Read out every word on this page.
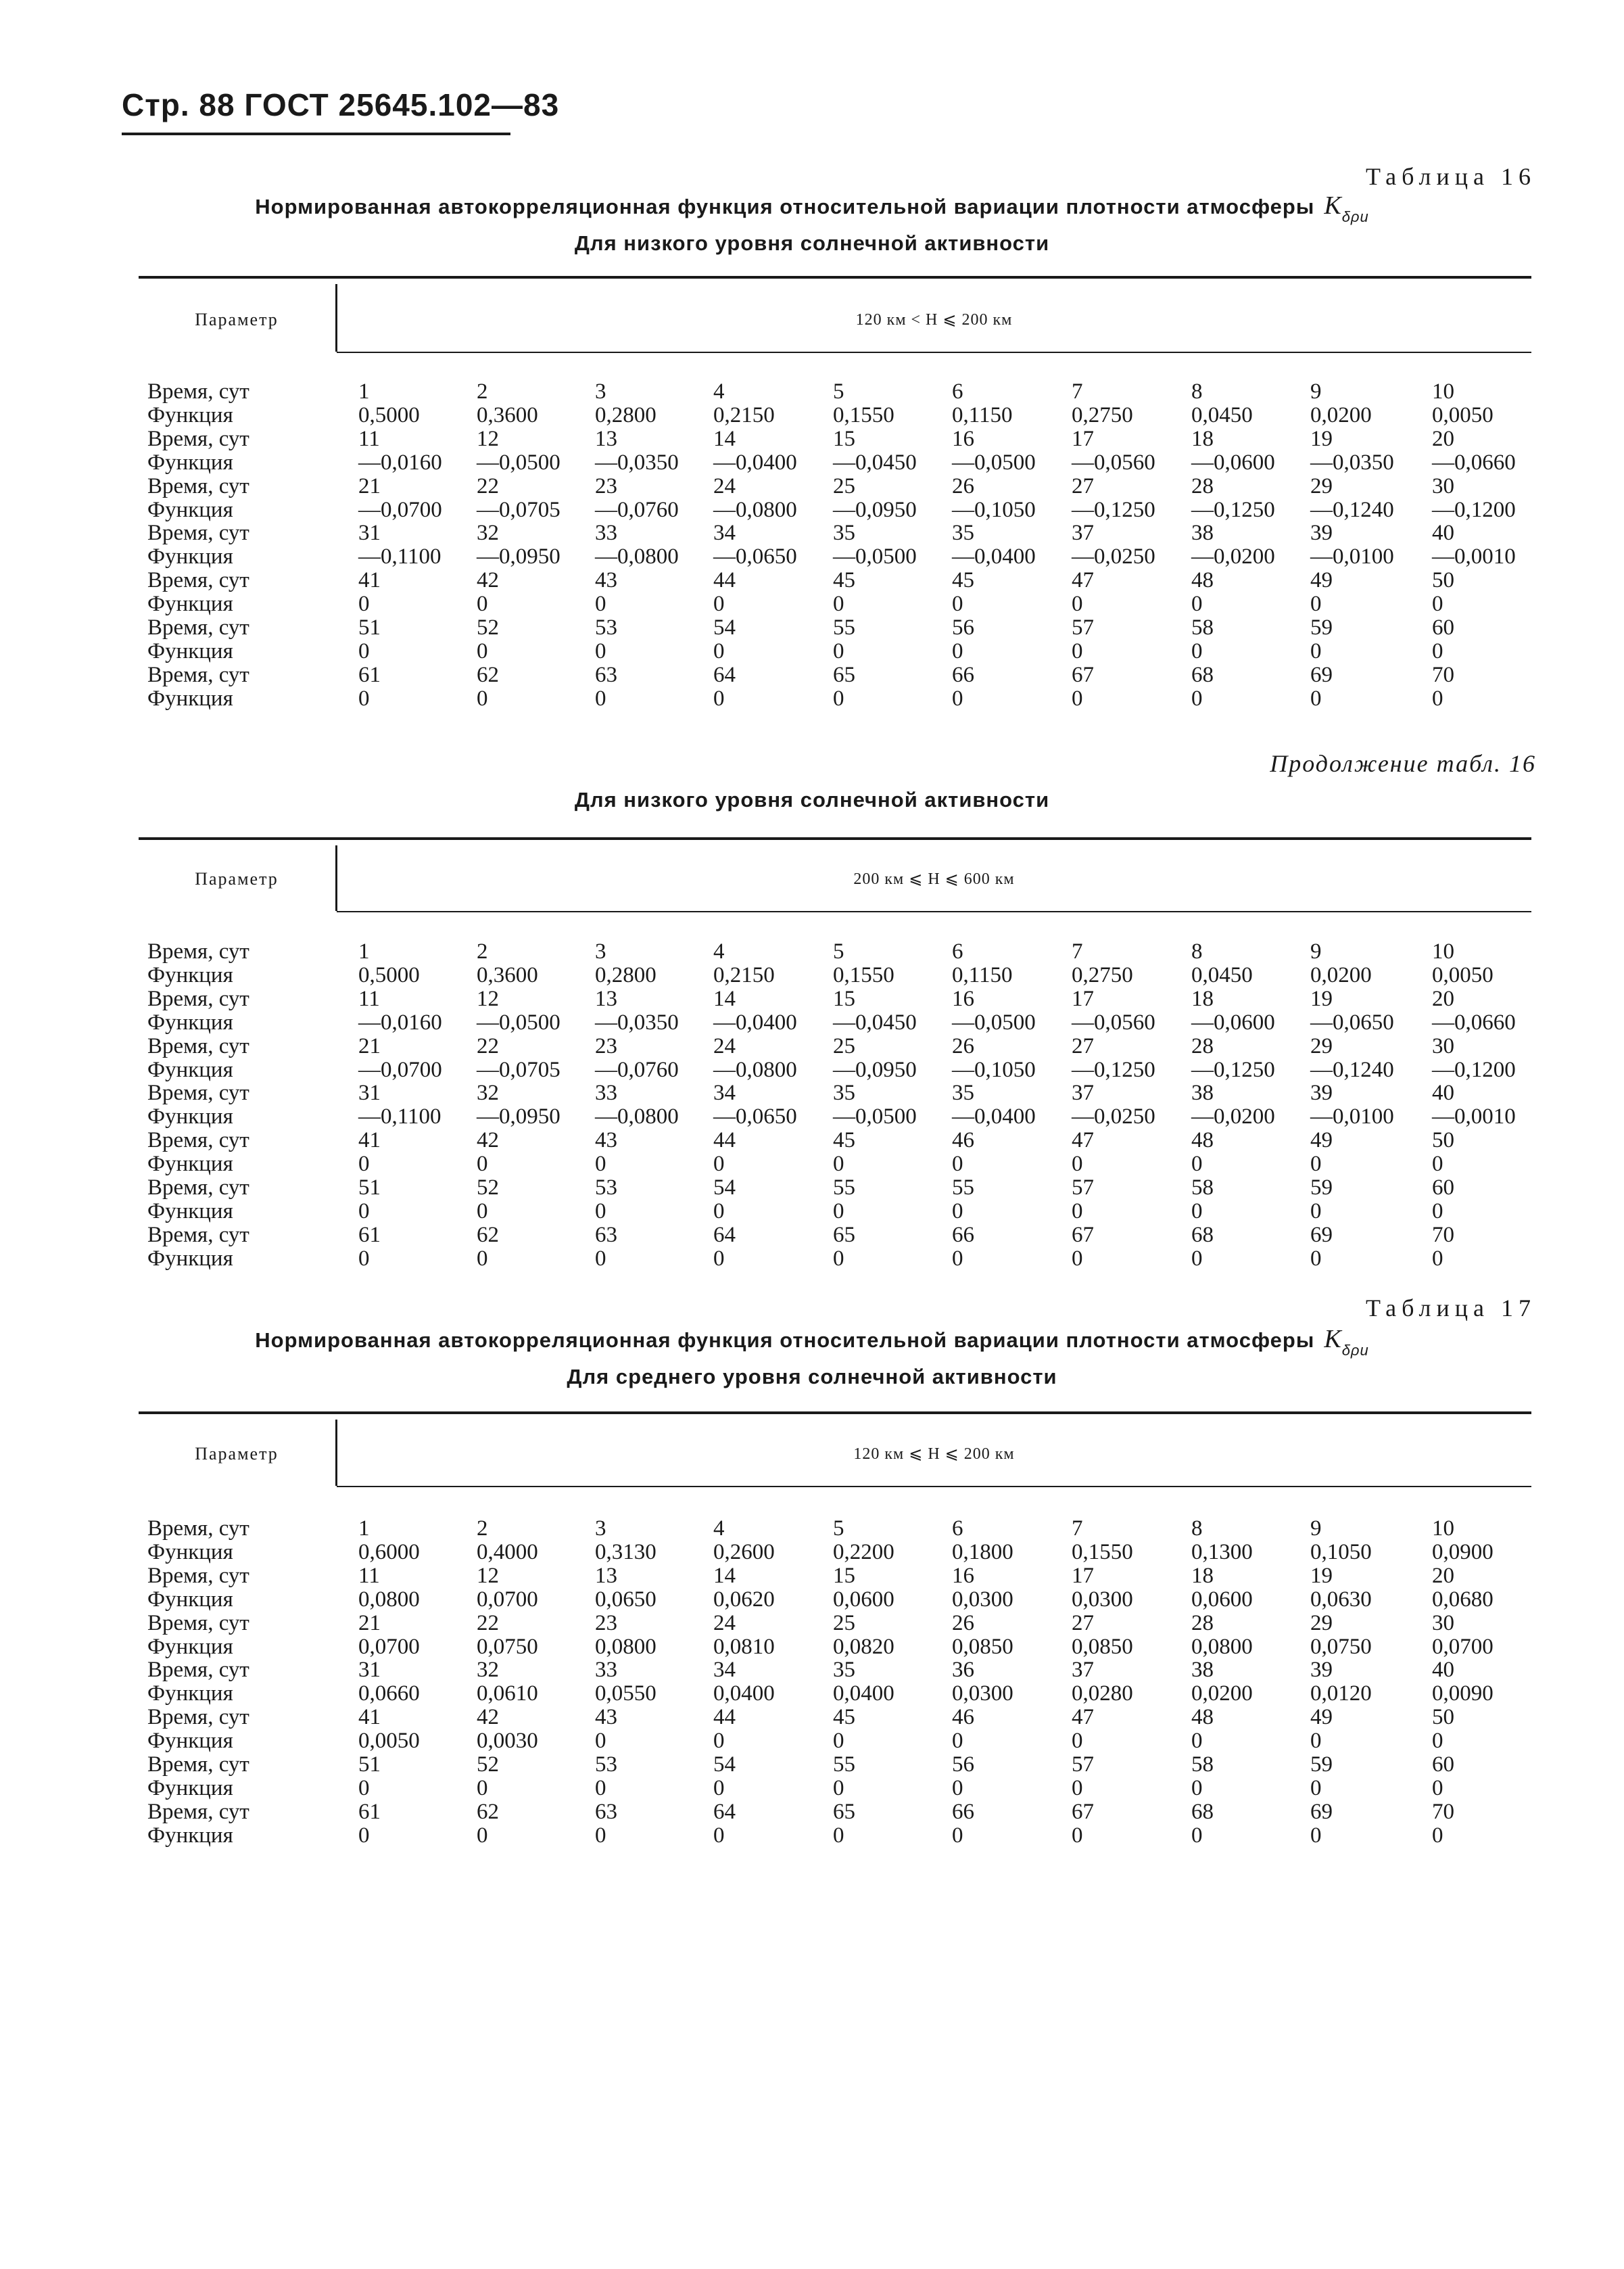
Стр. 88 ГОСТ 25645.102—83
Таблица 16
Нормированная автокорреляционная функция относительной вариации плотности атмосферы $K_{\delta\rho и}$
Для низкого уровня солнечной активности
Параметр	120 км < H ⩽ 200 км
Время, сут	1	2	3	4	5	6	7	8	9	10
Функция	0,5000	0,3600	0,2800	0,2150	0,1550	0,1150	0,2750	0,0450	0,0200	0,0050
Время, сут	11	12	13	14	15	16	17	18	19	20
Функция	—0,0160 —0,0500 —0,0350 —0,0400 —0,0450 —0,0500 —0,0560 —0,0600 —0,0350 —0,0660
Время, сут	21	22	23	24	25	26	27	28	29	30
Функция	—0,0700 —0,0705 —0,0760 —0,0800 —0,0950 —0,1050 —0,1250 —0,1250 —0,1240 —0,1200
Время, сут	31	32	33	34	35	35	37	38	39	40
Функция	—0,1100 —0,0950 —0,0800 —0,0650 —0,0500 —0,0400 —0,0250 —0,0200 —0,0100 —0,0010
Время, сут	41	42	43	44	45	45	47	48	49	50
Функция	0	0	0	0	0	0	0	0	0	0
Время, сут	51	52	53	54	55	56	57	58	59	60
Функция	0	0	0	0	0	0	0	0	0	0
Время, сут	61	62	63	64	65	66	67	68	69	70
Функция	0	0	0	0	0	0	0	0	0	0
Продолжение табл. 16
Для низкого уровня солнечной активности
Параметр	200 км ⩽ H ⩽ 600 км
Время, сут	1	2	3	4	5	6	7	8	9	10
Функция	0,5000	0,3600	0,2800	0,2150	0,1550	0,1150	0,2750	0,0450	0,0200	0,0050
Время, сут	11	12	13	14	15	16	17	18	19	20
Функция	—0,0160 —0,0500 —0,0350 —0,0400 —0,0450 —0,0500 —0,0560 —0,0600 —0,0650 —0,0660
Время, сут	21	22	23	24	25	26	27	28	29	30
Функция	—0,0700 —0,0705 —0,0760 —0,0800 —0,0950 —0,1050 —0,1250 —0,1250 —0,1240 —0,1200
Время, сут	31	32	33	34	35	35	37	38	39	40
Функция	—0,1100 —0,0950 —0,0800 —0,0650 —0,0500 —0,0400 —0,0250 —0,0200 —0,0100 —0,0010
Время, сут	41	42	43	44	45	46	47	48	49	50
Функция	0	0	0	0	0	0	0	0	0	0
Время, сут	51	52	53	54	55	55	57	58	59	60
Функция	0	0	0	0	0	0	0	0	0	0
Время, сут	61	62	63	64	65	66	67	68	69	70
Функция	0	0	0	0	0	0	0	0	0	0
Таблица 17
Нормированная автокорреляционная функция относительной вариации плотности атмосферы $K_{\delta\rho и}$
Для среднего уровня солнечной активности
Параметр	120 км ⩽ H ⩽ 200 км
Время, сут	1	2	3	4	5	6	7	8	9	10
Функция	0,6000	0,4000	0,3130	0,2600	0,2200	0,1800	0,1550	0,1300	0,1050	0,0900
Время, сут	11	12	13	14	15	16	17	18	19	20
Функция	0,0800	0,0700	0,0650	0,0620	0,0600	0,0300	0,0300	0,0600	0,0630	0,0680
Время, сут	21	22	23	24	25	26	27	28	29	30
Функция	0,0700	0,0750	0,0800	0,0810	0,0820	0,0850	0,0850	0,0800	0,0750	0,0700
Время, сут	31	32	33	34	35	36	37	38	39	40
Функция	0,0660	0,0610	0,0550	0,0400	0,0400	0,0300	0,0280	0,0200	0,0120	0,0090
Время, сут	41	42	43	44	45	46	47	48	49	50
Функция	0,0050	0,0030	0	0	0	0	0	0	0	0
Время, сут	51	52	53	54	55	56	57	58	59	60
Функция	0	0	0	0	0	0	0	0	0	0
Время, сут	61	62	63	64	65	66	67	68	69	70
Функция	0	0	0	0	0	0	0	0	0	0
